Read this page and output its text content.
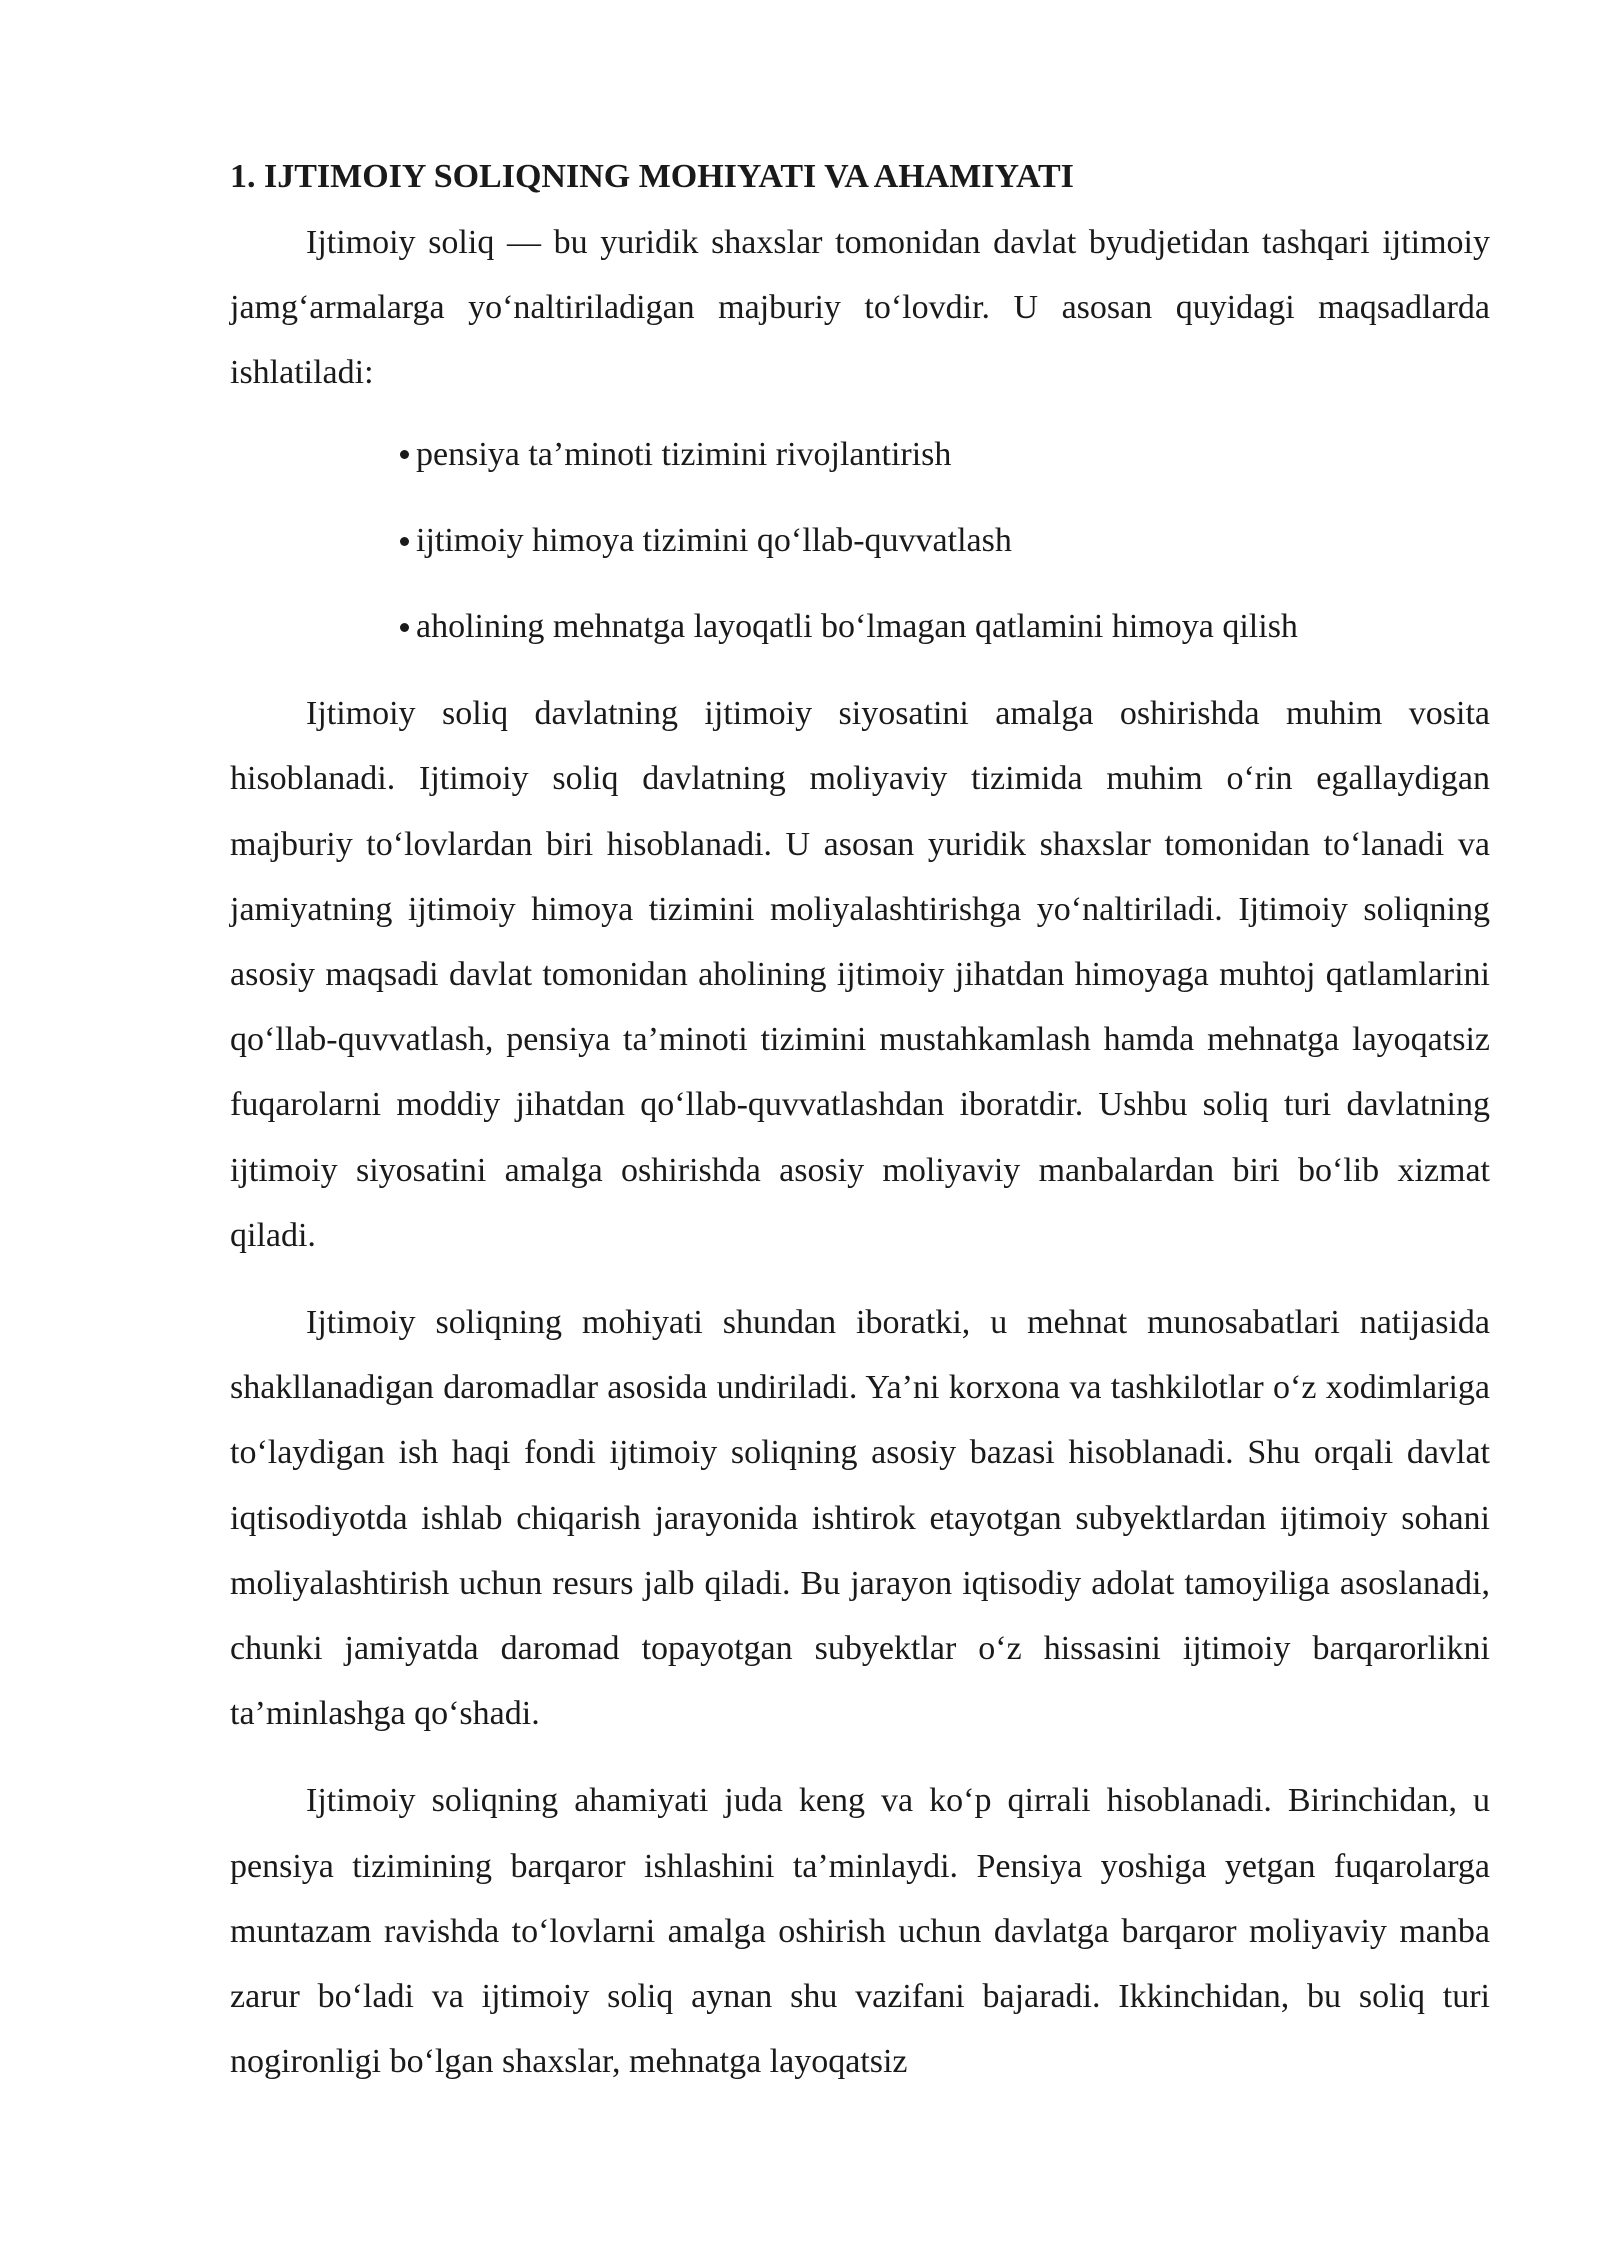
1. IJTIMOIY SOLIQNING MOHIYATI VA AHAMIYATI

Ijtimoiy soliq — bu yuridik shaxslar tomonidan davlat byudjetidan tashqari ijtimoiy jamg‘armalarga yo‘naltiriladigan majburiy to‘lovdir. U asosan quyidagi maqsadlarda ishlatiladi:

pensiya ta’minoti tizimini rivojlantirish
ijtimoiy himoya tizimini qo‘llab-quvvatlash
aholining mehnatga layoqatli bo‘lmagan qatlamini himoya qilish

Ijtimoiy soliq davlatning ijtimoiy siyosatini amalga oshirishda muhim vosita hisoblanadi. Ijtimoiy soliq davlatning moliyaviy tizimida muhim o‘rin egallaydigan majburiy to‘lovlardan biri hisoblanadi. U asosan yuridik shaxslar tomonidan to‘lanadi va jamiyatning ijtimoiy himoya tizimini moliyalashtirishga yo‘naltiriladi. Ijtimoiy soliqning asosiy maqsadi davlat tomonidan aholining ijtimoiy jihatdan himoyaga muhtoj qatlamlarini qo‘llab-quvvatlash, pensiya ta’minoti tizimini mustahkamlash hamda mehnatga layoqatsiz fuqarolarni moddiy jihatdan qo‘llab-quvvatlashdan iboratdir. Ushbu soliq turi davlatning ijtimoiy siyosatini amalga oshirishda asosiy moliyaviy manbalardan biri bo‘lib xizmat qiladi.

Ijtimoiy soliqning mohiyati shundan iboratki, u mehnat munosabatlari natijasida shakllanadigan daromadlar asosida undiriladi. Ya’ni korxona va tashkilotlar o‘z xodimlariga to‘laydigan ish haqi fondi ijtimoiy soliqning asosiy bazasi hisoblanadi. Shu orqali davlat iqtisodiyotda ishlab chiqarish jarayonida ishtirok etayotgan subyektlardan ijtimoiy sohani moliyalashtirish uchun resurs jalb qiladi. Bu jarayon iqtisodiy adolat tamoyiliga asoslanadi, chunki jamiyatda daromad topayotgan subyektlar o‘z hissasini ijtimoiy barqarorlikni ta’minlashga qo‘shadi.

Ijtimoiy soliqning ahamiyati juda keng va ko‘p qirrali hisoblanadi. Birinchidan, u pensiya tizimining barqaror ishlashini ta’minlaydi. Pensiya yoshiga yetgan fuqarolarga muntazam ravishda to‘lovlarni amalga oshirish uchun davlatga barqaror moliyaviy manba zarur bo‘ladi va ijtimoiy soliq aynan shu vazifani bajaradi. Ikkinchidan, bu soliq turi nogironligi bo‘lgan shaxslar, mehnatga layoqatsiz
